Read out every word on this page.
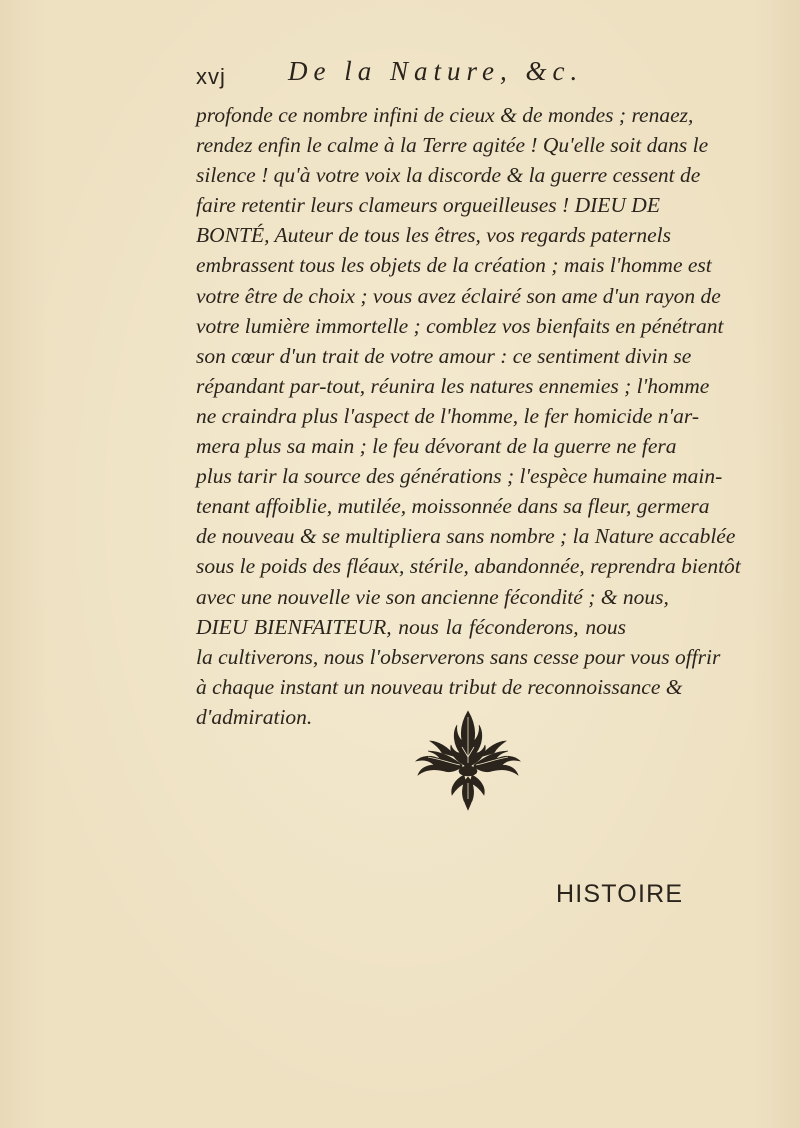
xvj De la Nature, &c.
profonde ce nombre infini de cieux & de mondes ; renaez,
rendez enfin le calme à la Terre agitée ! Qu'elle soit dans le
silence ! qu'à votre voix la discorde & la guerre cessent de
faire retentir leurs clameurs orgueilleuses ! DIEU DE
BONTÉ, Auteur de tous les êtres, vos regards paternels
embrassent tous les objets de la création ; mais l'homme est
votre être de choix ; vous avez éclairé son ame d'un rayon de
votre lumière immortelle ; comblez vos bienfaits en pénétrant
son cœur d'un trait de votre amour : ce sentiment divin se
répandant par-tout, réunira les natures ennemies ; l'homme
ne craindra plus l'aspect de l'homme, le fer homicide n'ar-
mera plus sa main ; le feu dévorant de la guerre ne fera
plus tarir la source des générations ; l'espèce humaine main-
tenant affoiblie, mutilée, moissonnée dans sa fleur, germera
de nouveau & se multipliera sans nombre ; la Nature accablée
sous le poids des fléaux, stérile, abandonnée, reprendra bientôt
avec une nouvelle vie son ancienne fécondité ; & nous,
DIEU BIENFAITEUR, nous la féconderons, nous
la cultiverons, nous l'observerons sans cesse pour vous offrir
à chaque instant un nouveau tribut de reconnoissance &
d'admiration.
HISTOIRE
